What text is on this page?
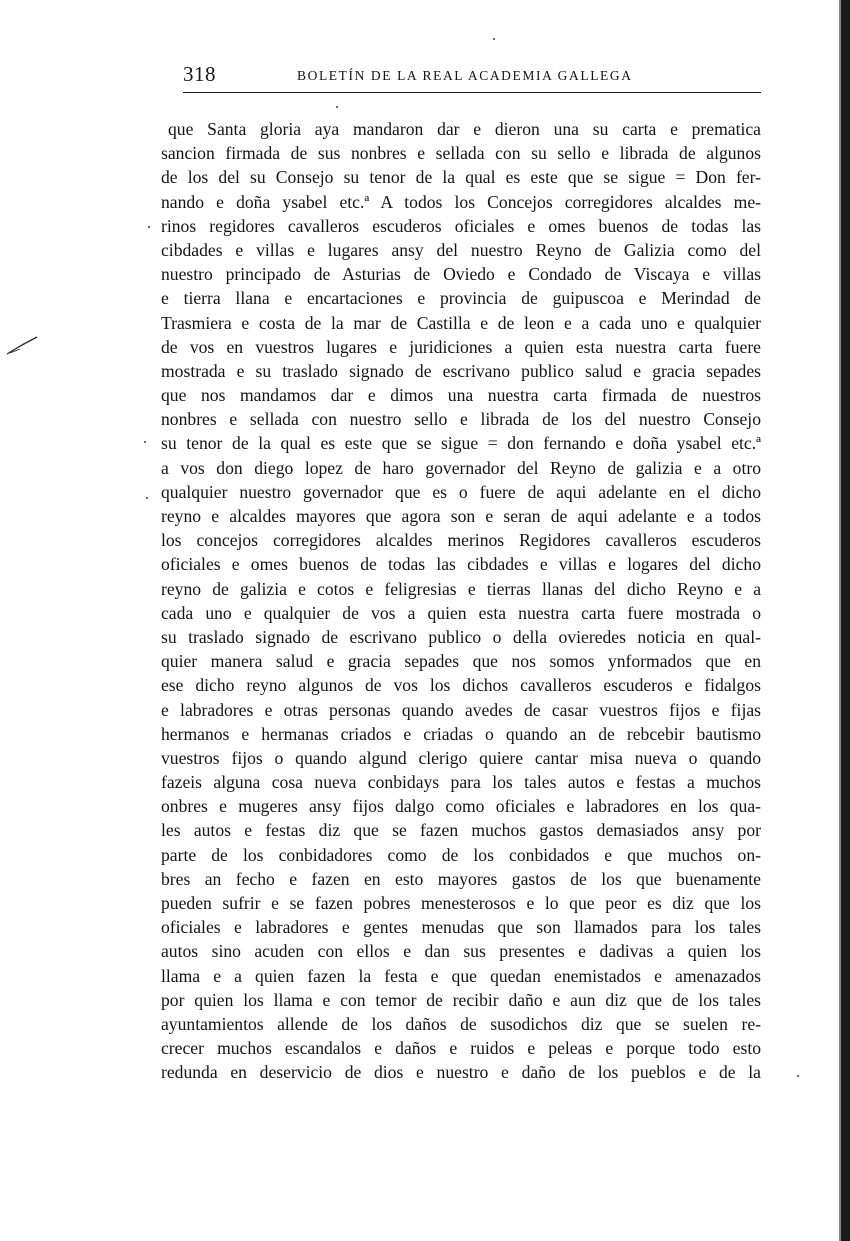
318	BOLETÍN DE LA REAL ACADEMIA GALLEGA
que Santa gloria aya mandaron dar e dieron una su carta e prematica
sancion firmada de sus nonbres e sellada con su sello e librada de algunos
de los del su Consejo su tenor de la qual es este que se sigue = Don fer-
nando e doña ysabel etc.ª A todos los Concejos corregidores alcaldes me-
rinos regidores cavalleros escuderos oficiales e omes buenos de todas las
cibdades e villas e lugares ansy del nuestro Reyno de Galizia como del
nuestro principado de Asturias de Oviedo e Condado de Viscaya e villas
e tierra llana e encartaciones e provincia de guipuscoa e Merindad de
Trasmiera e costa de la mar de Castilla e de leon e a cada uno e qualquier
de vos en vuestros lugares e juridiciones a quien esta nuestra carta fuere
mostrada e su traslado signado de escrivano publico salud e gracia sepades
que nos mandamos dar e dimos una nuestra carta firmada de nuestros
nonbres e sellada con nuestro sello e librada de los del nuestro Consejo
su tenor de la qual es este que se sigue = don fernando e doña ysabel etc.ª
a vos don diego lopez de haro governador del Reyno de galizia e a otro
qualquier nuestro governador que es o fuere de aqui adelante en el dicho
reyno e alcaldes mayores que agora son e seran de aqui adelante e a todos
los concejos corregidores alcaldes merinos Regidores cavalleros escuderos
oficiales e omes buenos de todas las cibdades e villas e logares del dicho
reyno de galizia e cotos e feligresias e tierras llanas del dicho Reyno e a
cada uno e qualquier de vos a quien esta nuestra carta fuere mostrada o
su traslado signado de escrivano publico o della ovieredes noticia en qual-
quier manera salud e gracia sepades que nos somos ynformados que en
ese dicho reyno algunos de vos los dichos cavalleros escuderos e fidalgos
e labradores e otras personas quando avedes de casar vuestros fijos e fijas
hermanos e hermanas criados e criadas o quando an de rebcebir bautismo
vuestros fijos o quando algund clerigo quiere cantar misa nueva o quando
fazeis alguna cosa nueva conbidays para los tales autos e festas a muchos
onbres e mugeres ansy fijos dalgo como oficiales e labradores en los qua-
les autos e festas diz que se fazen muchos gastos demasiados ansy por
parte de los conbidadores como de los conbidados e que muchos on-
bres an fecho e fazen en esto mayores gastos de los que buenamente
pueden sufrir e se fazen pobres menesterosos e lo que peor es diz que los
oficiales e labradores e gentes menudas que son llamados para los tales
autos sino acuden con ellos e dan sus presentes e dadivas a quien los
llama e a quien fazen la festa e que quedan enemistados e amenazados
por quien los llama e con temor de recibir daño e aun diz que de los tales
ayuntamientos allende de los daños de susodichos diz que se suelen re-
crecer muchos escandalos e daños e ruidos e peleas e porque todo esto
redunda en deservicio de dios e nuestro e daño de los pueblos e de la
